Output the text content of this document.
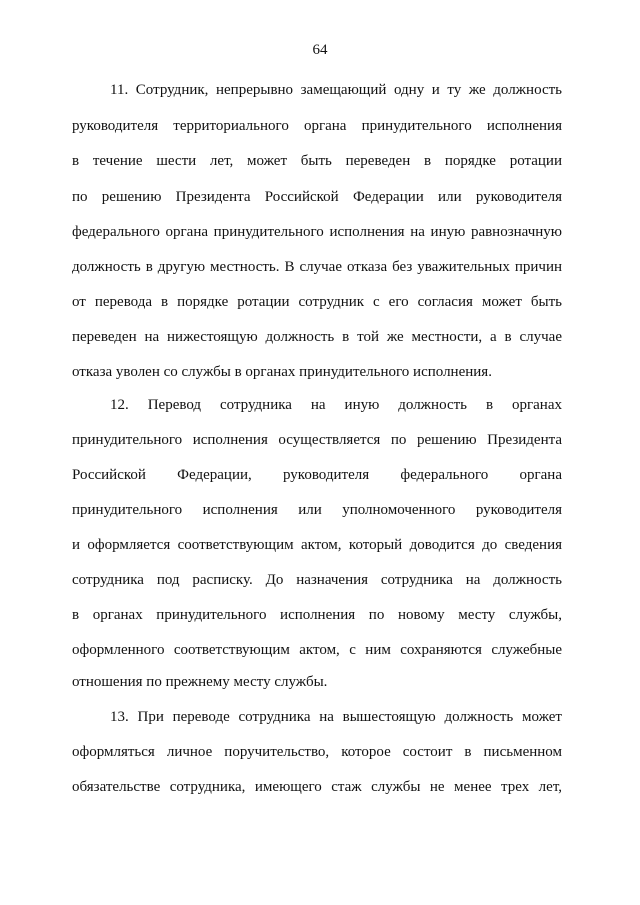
64
11. Сотрудник, непрерывно замещающий одну и ту же должность
руководителя территориального органа принудительного исполнения
в течение шести лет, может быть переведен в порядке ротации
по решению Президента Российской Федерации или руководителя
федерального органа принудительного исполнения на иную равнозначную
должность в другую местность. В случае отказа без уважительных причин
от перевода в порядке ротации сотрудник с его согласия может быть
переведен на нижестоящую должность в той же местности, а в случае
отказа уволен со службы в органах принудительного исполнения.
12. Перевод сотрудника на иную должность в органах
принудительного исполнения осуществляется по решению Президента
Российской Федерации, руководителя федерального органа
принудительного исполнения или уполномоченного руководителя
и оформляется соответствующим актом, который доводится до сведения
сотрудника под расписку. До назначения сотрудника на должность
в органах принудительного исполнения по новому месту службы,
оформленного соответствующим актом, с ним сохраняются служебные
отношения по прежнему месту службы.
13. При переводе сотрудника на вышестоящую должность может
оформляться личное поручительство, которое состоит в письменном
обязательстве сотрудника, имеющего стаж службы не менее трех лет,
